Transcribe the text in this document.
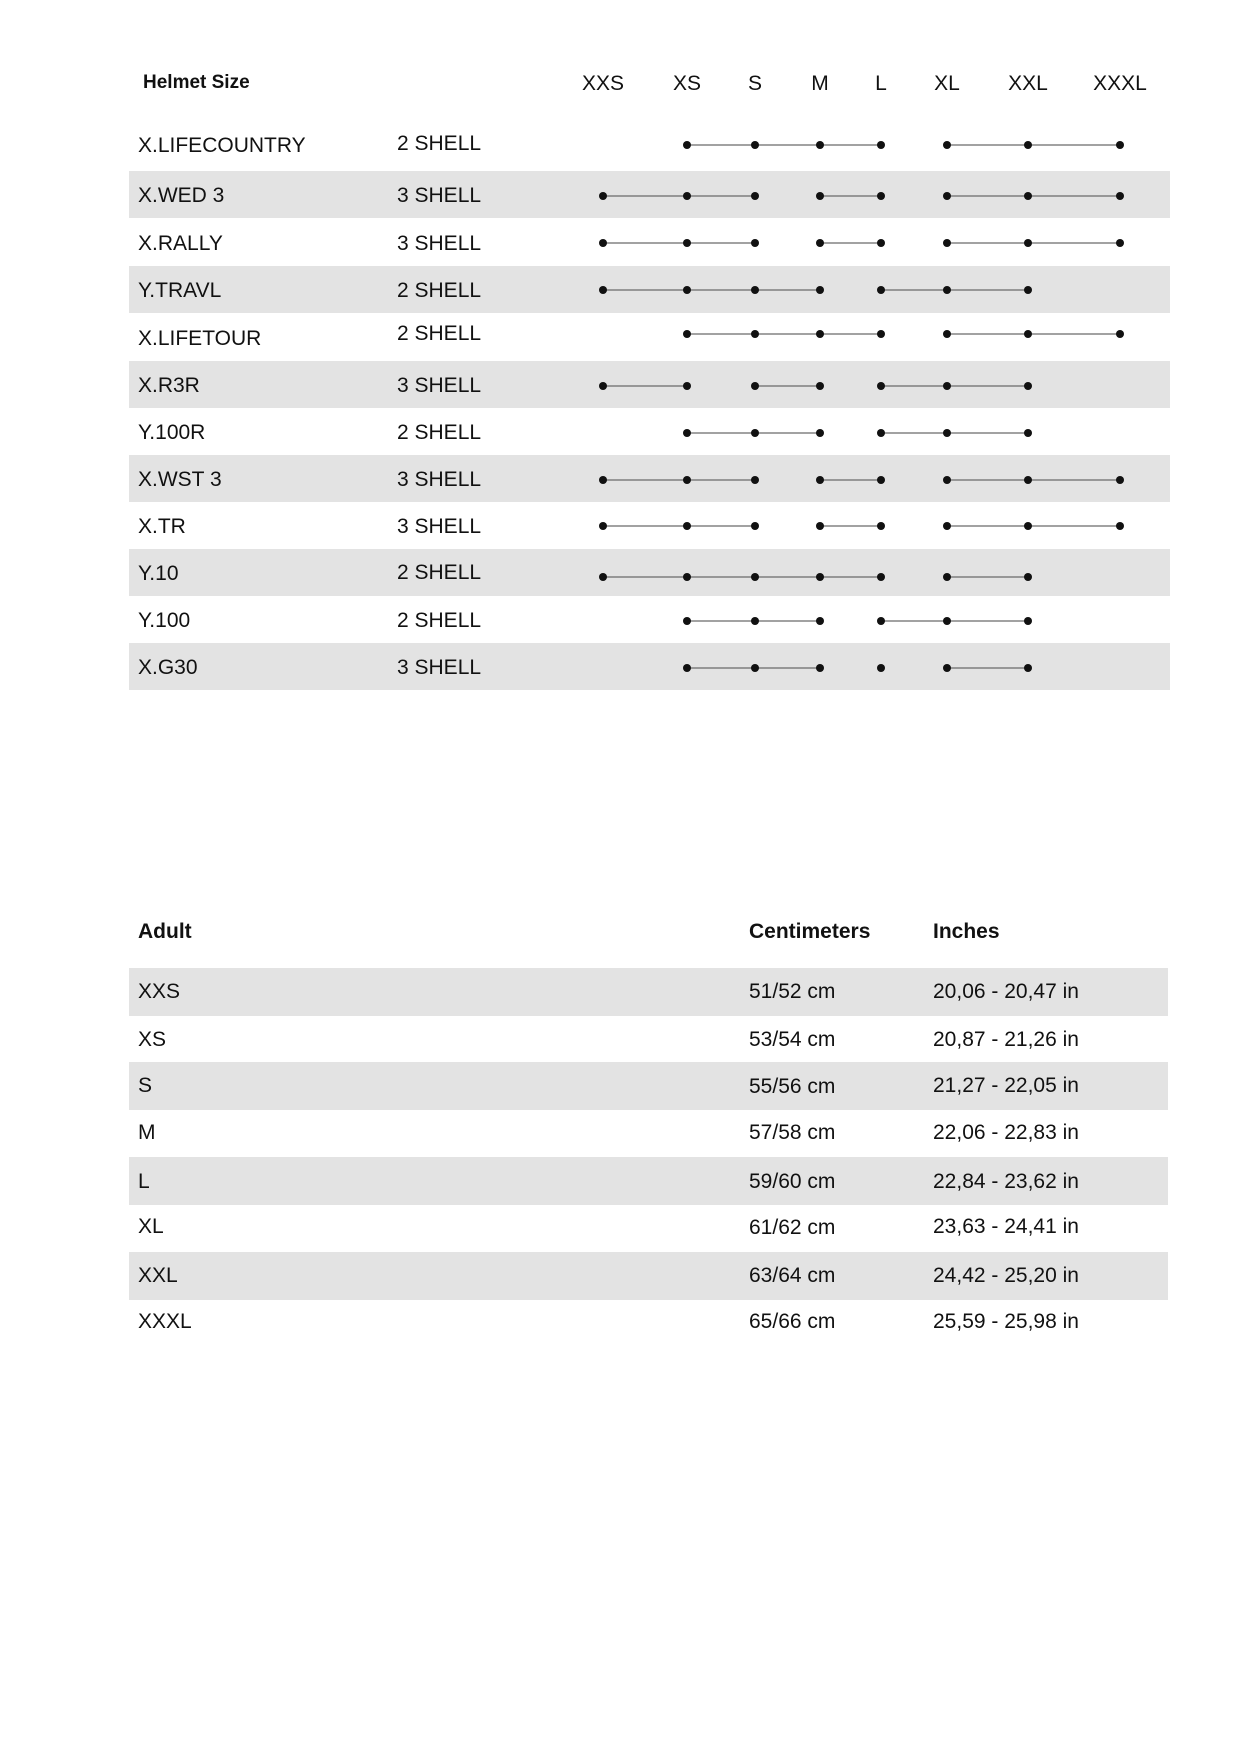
Helmet Size	XXS XS S M L XL XXL XXXL
X.LIFECOUNTRY	2 SHELL
X.WED 3	3 SHELL
X.RALLY	3 SHELL
Y.TRAVL	2 SHELL
X.LIFETOUR	2 SHELL
X.R3R	3 SHELL
Y.100R	2 SHELL
X.WST 3	3 SHELL
X.TR	3 SHELL
Y.10	2 SHELL
Y.100	2 SHELL
X.G30	3 SHELL
Adult	Centimeters	Inches
XXS	51/52 cm	20,06 - 20,47 in
XS	53/54 cm	20,87 - 21,26 in
S	55/56 cm	21,27 - 22,05 in
M	57/58 cm	22,06 - 22,83 in
L	59/60 cm	22,84 - 23,62 in
XL	61/62 cm	23,63 - 24,41 in
XXL	63/64 cm	24,42 - 25,20 in
XXXL	65/66 cm	25,59 - 25,98 in
